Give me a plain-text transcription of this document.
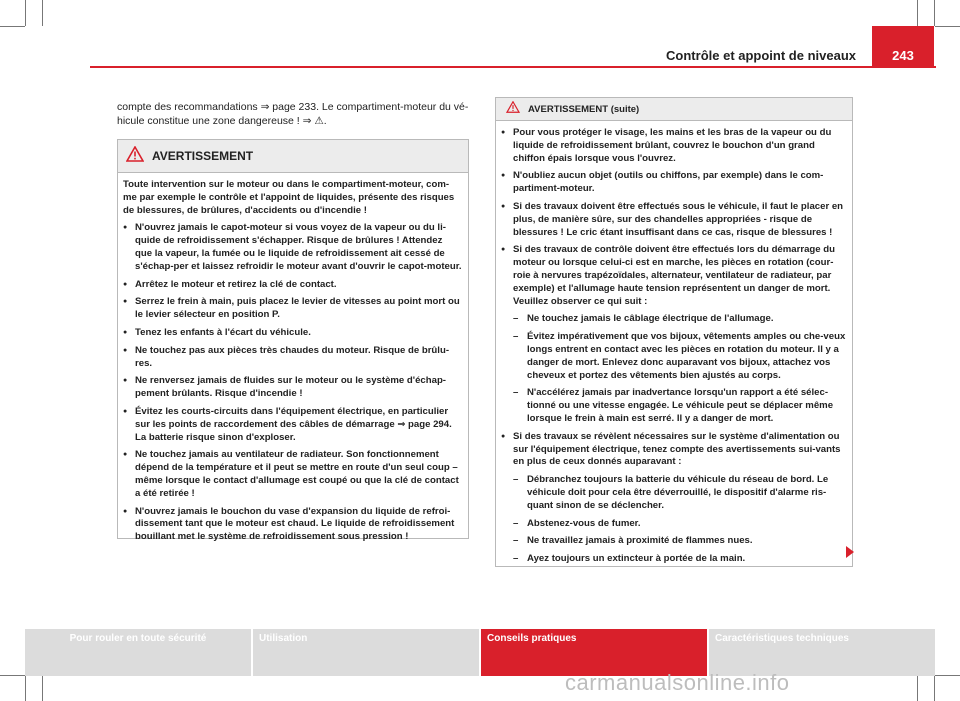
Contrôle et appoint de niveaux	243
compte des recommandations ⇒ page 233. Le compartiment-moteur du vé-hicule constitue une zone dangereuse ! ⇒ ⚠.
AVERTISSEMENT

Toute intervention sur le moteur ou dans le compartiment-moteur, com-me par exemple le contrôle et l'appoint de liquides, présente des risques de blessures, de brûlures, d'accidents ou d'incendie !

● N'ouvrez jamais le capot-moteur si vous voyez de la vapeur ou du li-quide de refroidissement s'échapper. Risque de brûlures ! Attendez que la vapeur, la fumée ou le liquide de refroidissement ait cessé de s'échap-per et laissez refroidir le moteur avant d'ouvrir le capot-moteur.

● Arrêtez le moteur et retirez la clé de contact.

● Serrez le frein à main, puis placez le levier de vitesses au point mort ou le levier sélecteur en position P.

● Tenez les enfants à l'écart du véhicule.

● Ne touchez pas aux pièces très chaudes du moteur. Risque de brûlu-res.

● Ne renversez jamais de fluides sur le moteur ou le système d'échap-pement brûlants. Risque d'incendie !

● Évitez les courts-circuits dans l'équipement électrique, en particulier sur les points de raccordement des câbles de démarrage ⇒ page 294. La batterie risque sinon d'exploser.

● Ne touchez jamais au ventilateur de radiateur. Son fonctionnement dépend de la température et il peut se mettre en route d'un seul coup – même lorsque le contact d'allumage est coupé ou que la clé de contact a été retirée !

● N'ouvrez jamais le bouchon du vase d'expansion du liquide de refroi-dissement tant que le moteur est chaud. Le liquide de refroidissement bouillant met le système de refroidissement sous pression !

AVERTISSEMENT (suite)

● Pour vous protéger le visage, les mains et les bras de la vapeur ou du liquide de refroidissement brûlant, couvrez le bouchon d'un grand chiffon épais lorsque vous l'ouvrez.

● N'oubliez aucun objet (outils ou chiffons, par exemple) dans le com-partiment-moteur.

● Si des travaux doivent être effectués sous le véhicule, il faut le placer en plus, de manière sûre, sur des chandelles appropriées - risque de blessures ! Le cric étant insuffisant dans ce cas, risque de blessures !

● Si des travaux de contrôle doivent être effectués lors du démarrage du moteur ou lorsque celui-ci est en marche, les pièces en rotation (cour-roie à nervures trapézoïdales, alternateur, ventilateur de radiateur, par exemple) et l'allumage haute tension représentent un danger de mort. Veuillez observer ce qui suit :

– Ne touchez jamais le câblage électrique de l'allumage.

– Évitez impérativement que vos bijoux, vêtements amples ou che-veux longs entrent en contact avec les pièces en rotation du moteur. Il y a danger de mort. Enlevez donc auparavant vos bijoux, attachez vos cheveux et portez des vêtements bien ajustés au corps.

– N'accélérez jamais par inadvertance lorsqu'un rapport a été sélec-tionné ou une vitesse engagée. Le véhicule peut se déplacer même lorsque le frein à main est serré. Il y a danger de mort.

● Si des travaux se révèlent nécessaires sur le système d'alimentation ou sur l'équipement électrique, tenez compte des avertissements sui-vants en plus de ceux donnés auparavant :

– Débranchez toujours la batterie du véhicule du réseau de bord. Le véhicule doit pour cela être déverrouillé, le dispositif d'alarme ris-quant sinon de se déclencher.

– Abstenez-vous de fumer.

– Ne travaillez jamais à proximité de flammes nues.

– Ayez toujours un extincteur à portée de la main.

Pour rouler en toute sécurité	Utilisation	Conseils pratiques	Caractéristiques techniques
carmanualsonline.info
